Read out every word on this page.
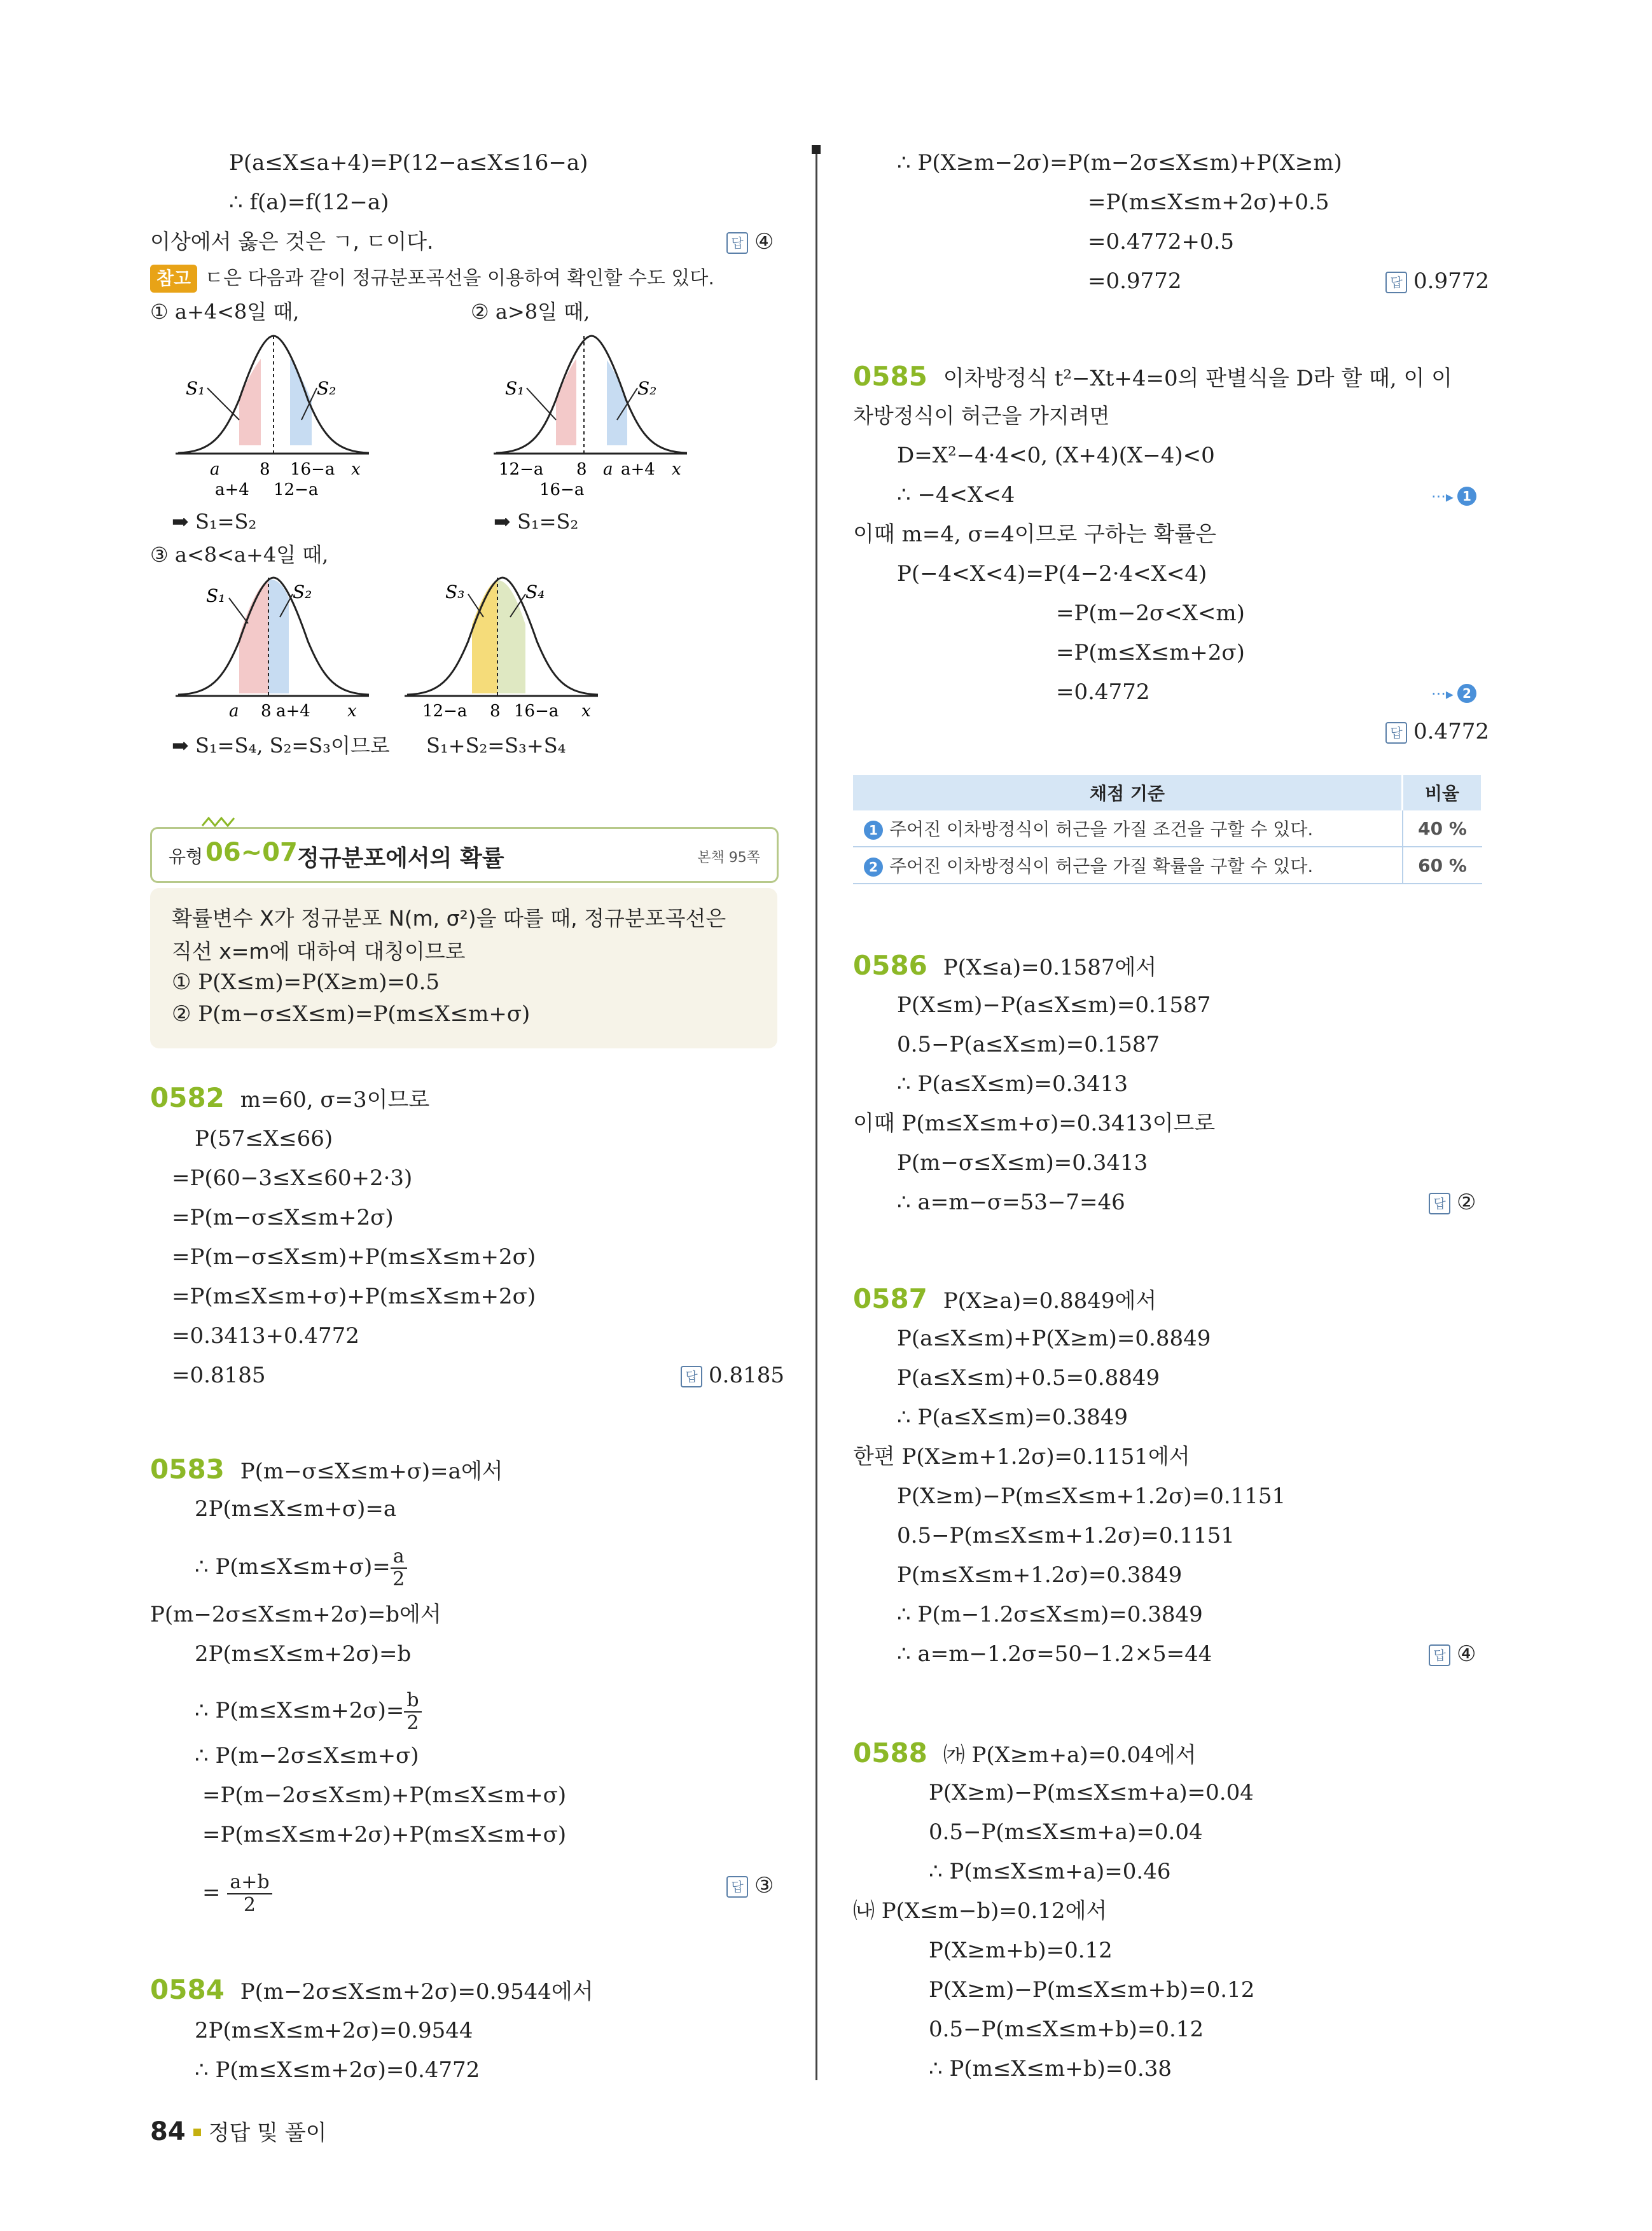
P(a≤X≤a+4)=P(12−a≤X≤16−a)
∴ f(a)=f(12−a)
이상에서 옳은 것은 ㄱ, ㄷ이다.	답 ④
참고 ㄷ은 다음과 같이 정규분포곡선을 이용하여 확인할 수도 있다.
① a+4<8일 때,	② a>8일 때,
S₁	S₂
a 8 16−a x
a+4 12−a
➡ S₁=S₂
S₁	S₂
12−a 8 a a+4 x
16−a
➡ S₁=S₂
③ a<8<a+4일 때,
S₁	S₂
a 8 a+4 x
S₃	S₄
12−a 8 16−a x
➡ S₁=S₄, S₂=S₃이므로 S₁+S₂=S₃+S₄
유형 06~07 정규분포에서의 확률	본책 95쪽
확률변수 X가 정규분포 N(m, σ²)을 따를 때, 정규분포곡선은
직선 x=m에 대하여 대칭이므로
① P(X≤m)=P(X≥m)=0.5
② P(m−σ≤X≤m)=P(m≤X≤m+σ)
0582 m=60, σ=3이므로
P(57≤X≤66)
=P(60−3≤X≤60+2·3)
=P(m−σ≤X≤m+2σ)
=P(m−σ≤X≤m)+P(m≤X≤m+2σ)
=P(m≤X≤m+σ)+P(m≤X≤m+2σ)
=0.3413+0.4772
=0.8185	답 0.8185
0583 P(m−σ≤X≤m+σ)=a에서
2P(m≤X≤m+σ)=a
∴ $P(m\le X\le m+\sigma)= \frac{a}{2}$
P(m−2σ≤X≤m+2σ)=b에서
2P(m≤X≤m+2σ)=b
∴ $P(m\le X\le m+2\sigma)= \frac{b}{2}$
∴ P(m−2σ≤X≤m+σ)
=P(m−2σ≤X≤m)+P(m≤X≤m+σ)
=P(m≤X≤m+2σ)+P(m≤X≤m+σ)
= $\frac{a+b}{2}$	답 ③
0584 P(m−2σ≤X≤m+2σ)=0.9544에서
2P(m≤X≤m+2σ)=0.9544
∴ P(m≤X≤m+2σ)=0.4772
∴ P(X≥m−2σ)=P(m−2σ≤X≤m)+P(X≥m)
=P(m≤X≤m+2σ)+0.5
=0.4772+0.5
=0.9772	답 0.9772
0585 이차방정식 t²−Xt+4=0의 판별식을 D라 할 때, 이 이
차방정식이 허근을 가지려면
D=X²−4·4<0, (X+4)(X−4)<0
∴ −4<X<4	···▸ 1
이때 m=4, σ=4이므로 구하는 확률은
P(−4<X<4)=P(4−2·4<X<4)
=P(m−2σ<X<m)
=P(m≤X≤m+2σ)
=0.4772	···▸ 2
답 0.4772
채점 기준	비율
1 주어진 이차방정식이 허근을 가질 조건을 구할 수 있다.	40 %
2 주어진 이차방정식이 허근을 가질 확률을 구할 수 있다.	60 %
0586 P(X≤a)=0.1587에서
P(X≤m)−P(a≤X≤m)=0.1587
0.5−P(a≤X≤m)=0.1587
∴ P(a≤X≤m)=0.3413
이때 P(m≤X≤m+σ)=0.3413이므로
P(m−σ≤X≤m)=0.3413
∴ a=m−σ=53−7=46	답 ②
0587 P(X≥a)=0.8849에서
P(a≤X≤m)+P(X≥m)=0.8849
P(a≤X≤m)+0.5=0.8849
∴ P(a≤X≤m)=0.3849
한편 P(X≥m+1.2σ)=0.1151에서
P(X≥m)−P(m≤X≤m+1.2σ)=0.1151
0.5−P(m≤X≤m+1.2σ)=0.1151
P(m≤X≤m+1.2σ)=0.3849
∴ P(m−1.2σ≤X≤m)=0.3849
∴ a=m−1.2σ=50−1.2×5=44	답 ④
0588 ㈎ P(X≥m+a)=0.04에서
P(X≥m)−P(m≤X≤m+a)=0.04
0.5−P(m≤X≤m+a)=0.04
∴ P(m≤X≤m+a)=0.46
㈏ P(X≤m−b)=0.12에서
P(X≥m+b)=0.12
P(X≥m)−P(m≤X≤m+b)=0.12
0.5−P(m≤X≤m+b)=0.12
∴ P(m≤X≤m+b)=0.38
84 정답 및 풀이
